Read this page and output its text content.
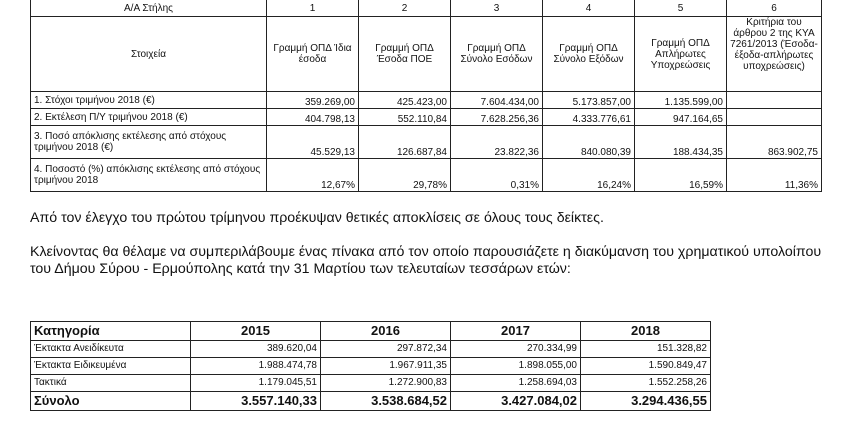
Α/Α Στήλης	1	2	3	4	5	6
Στοιχεία	Γραμμή ΟΠΔ Ίδια έσοδα	Γραμμή ΟΠΔ Έσοδα ΠΟΕ	Γραμμή ΟΠΔ Σύνολο Εσόδων	Γραμμή ΟΠΔ Σύνολο Εξόδων	Γραμμή ΟΠΔ Απλήρωτες Υποχρεώσεις	Κριτήρια του άρθρου 2 της ΚΥΑ 7261/2013 (Έσοδα-έξοδα-απλήρωτες υποχρεώσεις)
1. Στόχοι τριμήνου 2018 (€)	359.269,00	425.423,00	7.604.434,00	5.173.857,00	1.135.599,00	
2. Εκτέλεση Π/Υ τριμήνου 2018 (€)	404.798,13	552.110,84	7.628.256,36	4.333.776,61	947.164,65	
3. Ποσό απόκλισης εκτέλεσης από στόχους τριμήνου 2018 (€)	45.529,13	126.687,84	23.822,36	840.080,39	188.434,35	863.902,75
4. Ποσοστό (%) απόκλισης εκτέλεσης από στόχους τριμήνου 2018	12,67%	29,78%	0,31%	16,24%	16,59%	11,36%

Από τον έλεγχο του πρώτου τρίμηνου προέκυψαν θετικές αποκλίσεις σε όλους τους δείκτες.

Κλείνοντας θα θέλαμε να συμπεριλάβουμε ένας πίνακα από τον οποίο παρουσιάζετε η διακύμανση του χρηματικού υπολοίπου του Δήμου Σύρου - Ερμούπολης κατά την 31 Μαρτίου των τελευταίων τεσσάρων ετών:

Κατηγορία	2015	2016	2017	2018
Έκτακτα Ανειδίκευτα	389.620,04	297.872,34	270.334,99	151.328,82
Έκτακτα Ειδικευμένα	1.988.474,78	1.967.911,35	1.898.055,00	1.590.849,47
Τακτικά	1.179.045,51	1.272.900,83	1.258.694,03	1.552.258,26
Σύνολο	3.557.140,33	3.538.684,52	3.427.084,02	3.294.436,55
